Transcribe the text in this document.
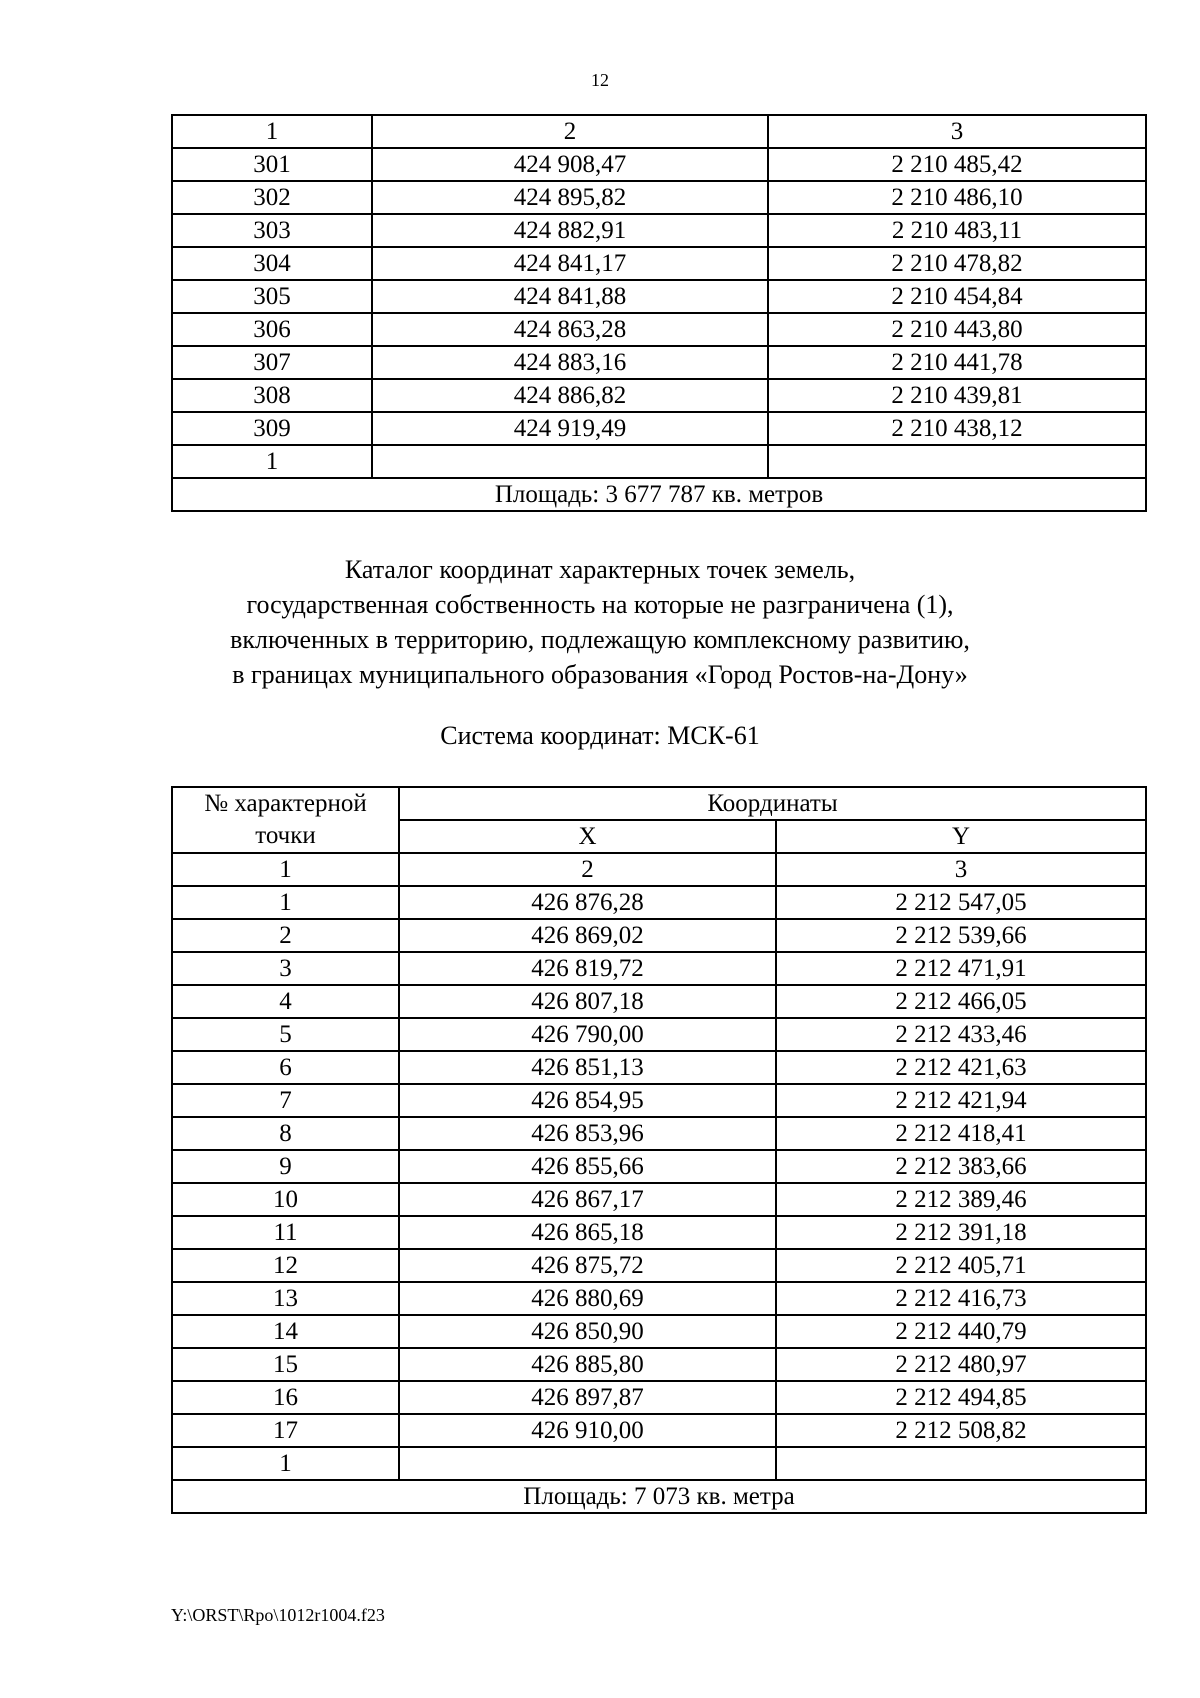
12
1	2	3
301	424 908,47	2 210 485,42
302	424 895,82	2 210 486,10
303	424 882,91	2 210 483,11
304	424 841,17	2 210 478,82
305	424 841,88	2 210 454,84
306	424 863,28	2 210 443,80
307	424 883,16	2 210 441,78
308	424 886,82	2 210 439,81
309	424 919,49	2 210 438,12
1		
Площадь: 3 677 787 кв. метров		
Каталог координат характерных точек земель,
государственная собственность на которые не разграничена (1),
включенных в территорию, подлежащую комплексному развитию,
в границах муниципального образования «Город Ростов-на-Дону»
Система координат: МСК-61
№ характерной точки	Координаты	
	X	Y
1	2	3
1	426 876,28	2 212 547,05
2	426 869,02	2 212 539,66
3	426 819,72	2 212 471,91
4	426 807,18	2 212 466,05
5	426 790,00	2 212 433,46
6	426 851,13	2 212 421,63
7	426 854,95	2 212 421,94
8	426 853,96	2 212 418,41
9	426 855,66	2 212 383,66
10	426 867,17	2 212 389,46
11	426 865,18	2 212 391,18
12	426 875,72	2 212 405,71
13	426 880,69	2 212 416,73
14	426 850,90	2 212 440,79
15	426 885,80	2 212 480,97
16	426 897,87	2 212 494,85
17	426 910,00	2 212 508,82
1		
Площадь: 7 073 кв. метра		
Y:\ORST\Rpo\1012r1004.f23
